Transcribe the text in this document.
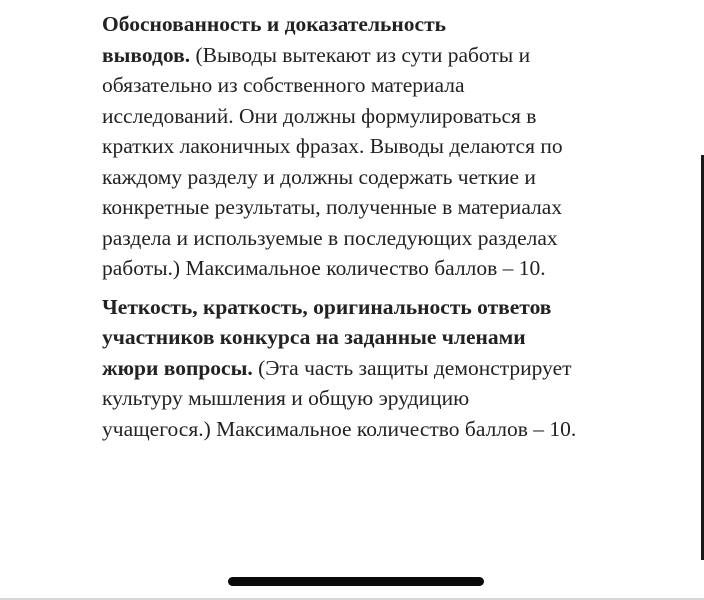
Обоснованность и доказательность
выводов. (Выводы вытекают из сути работы и
обязательно из собственного материала
исследований. Они должны формулироваться в
кратких лаконичных фразах. Выводы делаются по
каждому разделу и должны содержать четкие и
конкретные результаты, полученные в материалах
раздела и используемые в последующих разделах
работы.) Максимальное количество баллов – 10.

Четкость, краткость, оригинальность ответов
участников конкурса на заданные членами
жюри вопросы. (Эта часть защиты демонстрирует
культуру мышления и общую эрудицию
учащегося.) Максимальное количество баллов – 10.
